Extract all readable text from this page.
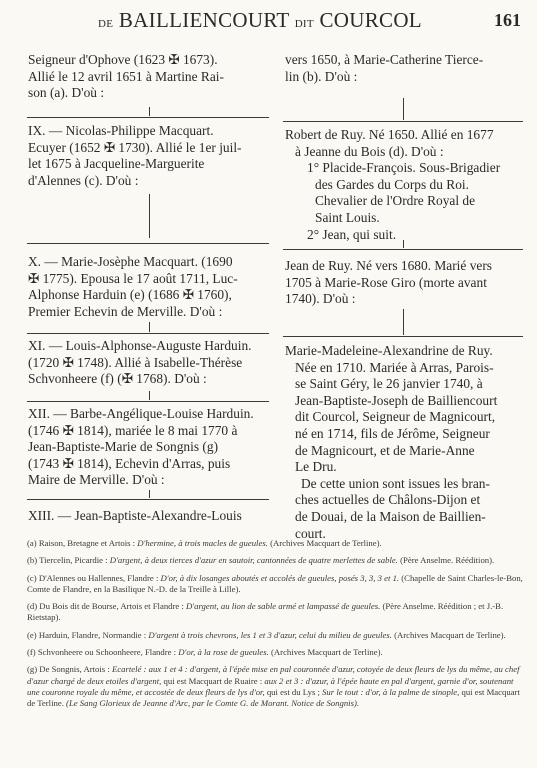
de BAILLIENCOURT dit COURCOL	161

Seigneur d'Ophove (1623 ✠ 1673).

Allié le 12 avril 1651 à Martine Rai-

son (a). D'où :

IX. — Nicolas-Philippe Macquart.

Ecuyer (1652 ✠ 1730). Allié le 1er juil-

let 1675 à Jacqueline-Marguerite

d'Alennes (c). D'où :

X. — Marie-Josèphe Macquart. (1690

✠ 1775). Epousa le 17 août 1711, Luc-

Alphonse Harduin (e) (1686 ✠ 1760),

Premier Echevin de Merville. D'où :

XI. — Louis-Alphonse-Auguste Harduin.

(1720 ✠ 1748). Allié à Isabelle-Thérèse

Schvonheere (f) (✠ 1768). D'où :

XII. — Barbe-Angélique-Louise Harduin.

(1746 ✠ 1814), mariée le 8 mai 1770 à

Jean-Baptiste-Marie de Songnis (g)

(1743 ✠ 1814), Echevin d'Arras, puis

Maire de Merville. D'où :

XIII. — Jean-Baptiste-Alexandre-Louis

vers 1650, à Marie-Catherine Tierce-

lin (b). D'où :

Robert de Ruy. Né 1650. Allié en 1677

à Jeanne du Bois (d). D'où :

1° Placide-François. Sous-Brigadier

des Gardes du Corps du Roi.

Chevalier de l'Ordre Royal de

Saint Louis.

2° Jean, qui suit.

Jean de Ruy. Né vers 1680. Marié vers

1705 à Marie-Rose Giro (morte avant

1740). D'où :

Marie-Madeleine-Alexandrine de Ruy.

Née en 1710. Mariée à Arras, Parois-

se Saint Géry, le 26 janvier 1740, à

Jean-Baptiste-Joseph de Bailliencourt

dit Courcol, Seigneur de Magnicourt,

né en 1714, fils de Jérôme, Seigneur

de Magnicourt, et de Marie-Anne

Le Dru.

De cette union sont issues les bran-

ches actuelles de Châlons-Dijon et

de Douai, de la Maison de Baillien-

court.

(a) Raison, Bretagne et Artois : D'hermine, à trois macles de gueules. (Archives Macquart de Terline).

(b) Tiercelin, Picardie : D'argent, à deux tierces d'azur en sautoir, cantonnées de quatre merlettes de sable. (Père Anselme. Réédition).

(c) D'Alennes ou Hallennes, Flandre : D'or, à dix losanges aboutés et accolés de gueules, posés 3, 3, 3 et 1. (Chapelle de Saint Charles-le-Bon, Comte de Flandre, en la Basilique N.-D. de la Treille à Lille).

(d) Du Bois dit de Bourse, Artois et Flandre : D'argent, au lion de sable armé et lampassé de gueules. (Père Anselme. Réédition ; et J.-B. Rietstap).

(e) Harduin, Flandre, Normandie : D'argent à trois chevrons, les 1 et 3 d'azur, celui du milieu de gueules. (Archives Macquart de Terline).

(f) Schvonheere ou Schoonheere, Flandre : D'or, à la rose de gueules. (Archives Macquart de Terline).

(g) De Songnis, Artois : Ecartelé : aux 1 et 4 : d'argent, à l'épée mise en pal couronnée d'azur, cotoyée de deux fleurs de lys du même, au chef d'azur chargé de deux etoiles d'argent, qui est Macquart de Ruaire : aux 2 et 3 : d'azur, à l'épée haute en pal d'argent, garnie d'or, soutenant une couronne royale du même, et accostée de deux fleurs de lys d'or, qui est du Lys ; Sur le tout : d'or, à la palme de sinople, qui est Macquart de Terline. (Le Sang Glorieux de Jeanne d'Arc, par le Comte G. de Morant. Notice de Songnis).
